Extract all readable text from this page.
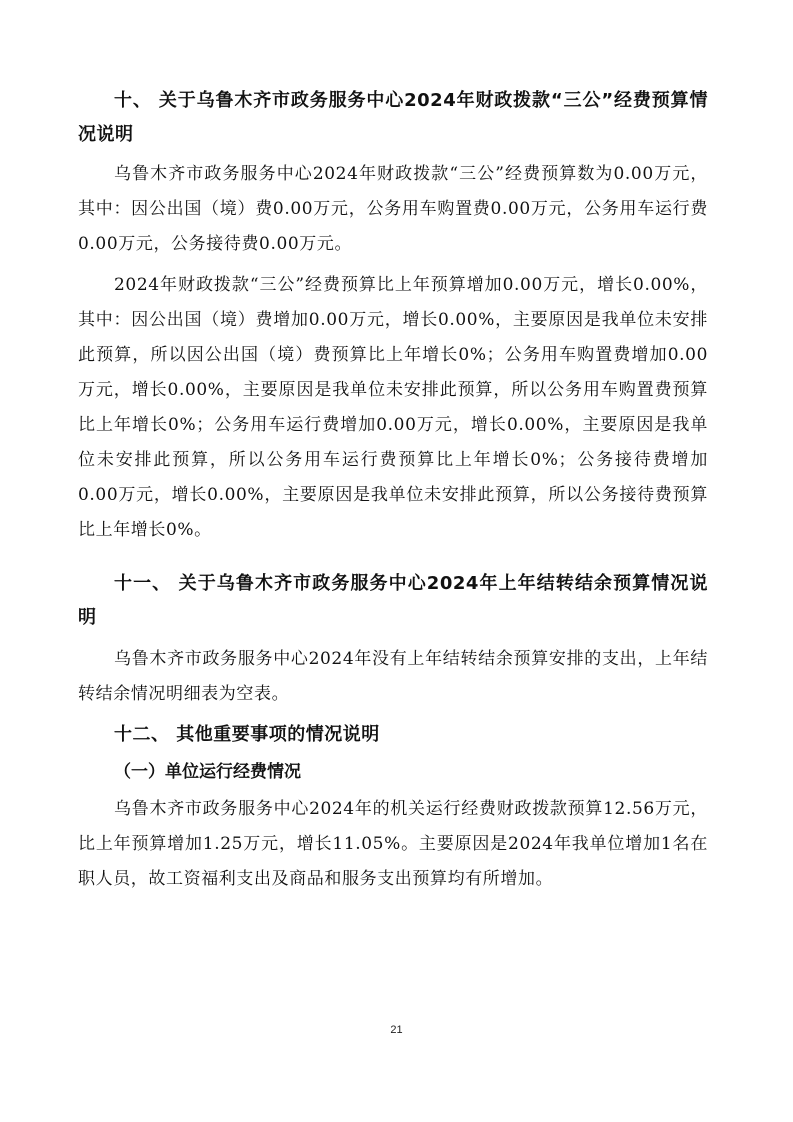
十、 关于乌鲁木齐市政务服务中心2024年财政拨款“三公”经费预算情况说明

乌鲁木齐市政务服务中心2024年财政拨款“三公”经费预算数为0.00万元，其中：因公出国（境）费0.00万元，公务用车购置费0.00万元，公务用车运行费0.00万元，公务接待费0.00万元。

2024年财政拨款“三公”经费预算比上年预算增加0.00万元，增长0.00%，其中：因公出国（境）费增加0.00万元，增长0.00%，主要原因是我单位未安排此预算，所以因公出国（境）费预算比上年增长0%；公务用车购置费增加0.00万元，增长0.00%，主要原因是我单位未安排此预算，所以公务用车购置费预算比上年增长0%；公务用车运行费增加0.00万元，增长0.00%，主要原因是我单位未安排此预算，所以公务用车运行费预算比上年增长0%；公务接待费增加0.00万元，增长0.00%，主要原因是我单位未安排此预算，所以公务接待费预算比上年增长0%。

十一、 关于乌鲁木齐市政务服务中心2024年上年结转结余预算情况说明

乌鲁木齐市政务服务中心2024年没有上年结转结余预算安排的支出，上年结转结余情况明细表为空表。

十二、 其他重要事项的情况说明

（一）单位运行经费情况

乌鲁木齐市政务服务中心2024年的机关运行经费财政拨款预算12.56万元，比上年预算增加1.25万元，增长11.05%。主要原因是2024年我单位增加1名在职人员，故工资福利支出及商品和服务支出预算均有所增加。

21
